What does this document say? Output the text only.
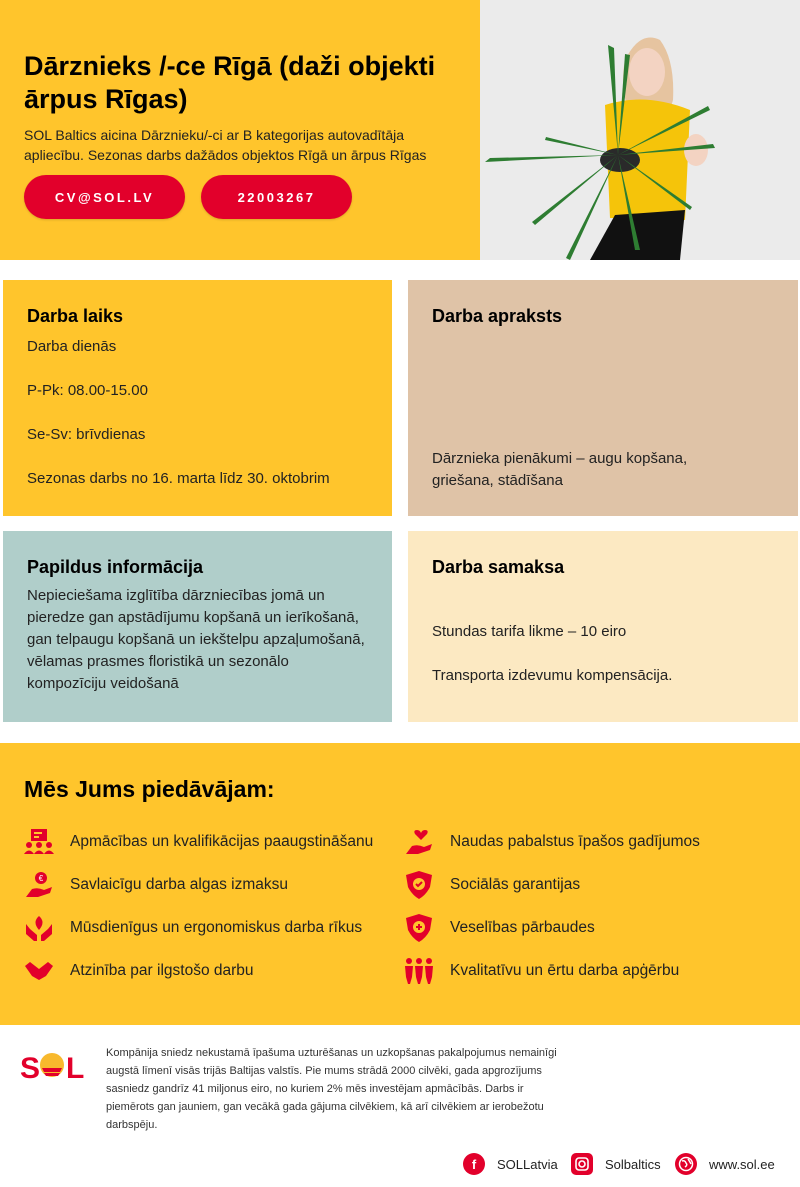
Dārznieks /-ce Rīgā (daži objekti ārpus Rīgas)

SOL Baltics aicina Dārznieku/-ci ar B kategorijas autovadītāja apliecību. Sezonas darbs dažādos objektos Rīgā un ārpus Rīgas

CV@SOL.LV	22003267
Darba laiks

Darba dienās

P-Pk: 08.00-15.00

Se-Sv: brīvdienas

Sezonas darbs no 16. marta līdz 30. oktobrim

Darba apraksts

Dārznieka pienākumi – augu kopšana, griešana, stādīšana

Papildus informācija

Nepieciešama izglītība dārzniecības jomā un pieredze gan apstādījumu kopšanā un ierīkošanā, gan telpaugu kopšanā un iekštelpu apzaļumošanā, vēlamas prasmes floristikā un sezonālo kompozīciju veidošanā

Darba samaksa

Stundas tarifa likme – 10 eiro

Transporta izdevumu kompensācija.

Mēs Jums piedāvājam:
Apmācības un kvalifikācijas paaugstināšanu
€ Savlaicīgu darba algas izmaksu
Mūsdienīgus un ergonomiskus darba rīkus
Atzinība par ilgstošo darbu
Naudas pabalstus īpašos gadījumos
Sociālās garantijas
Veselības pārbaudes
Kvalitatīvu un ērtu darba apģērbu
S L Kompānija sniedz nekustamā īpašuma uzturēšanas un uzkopšanas pakalpojumus nemainīgi augstā līmenī visās trijās Baltijas valstīs. Pie mums strādā 2000 cilvēki, gada apgrozījums sasniedz gandrīz 41 miljonus eiro, no kuriem 2% mēs investējam apmācībās. Darbs ir piemērots gan jauniem, gan vecākā gada gājuma cilvēkiem, kā arī cilvēkiem ar ierobežotu darbspēju.

f	SOLLatvia	Solbaltics	www.sol.ee
